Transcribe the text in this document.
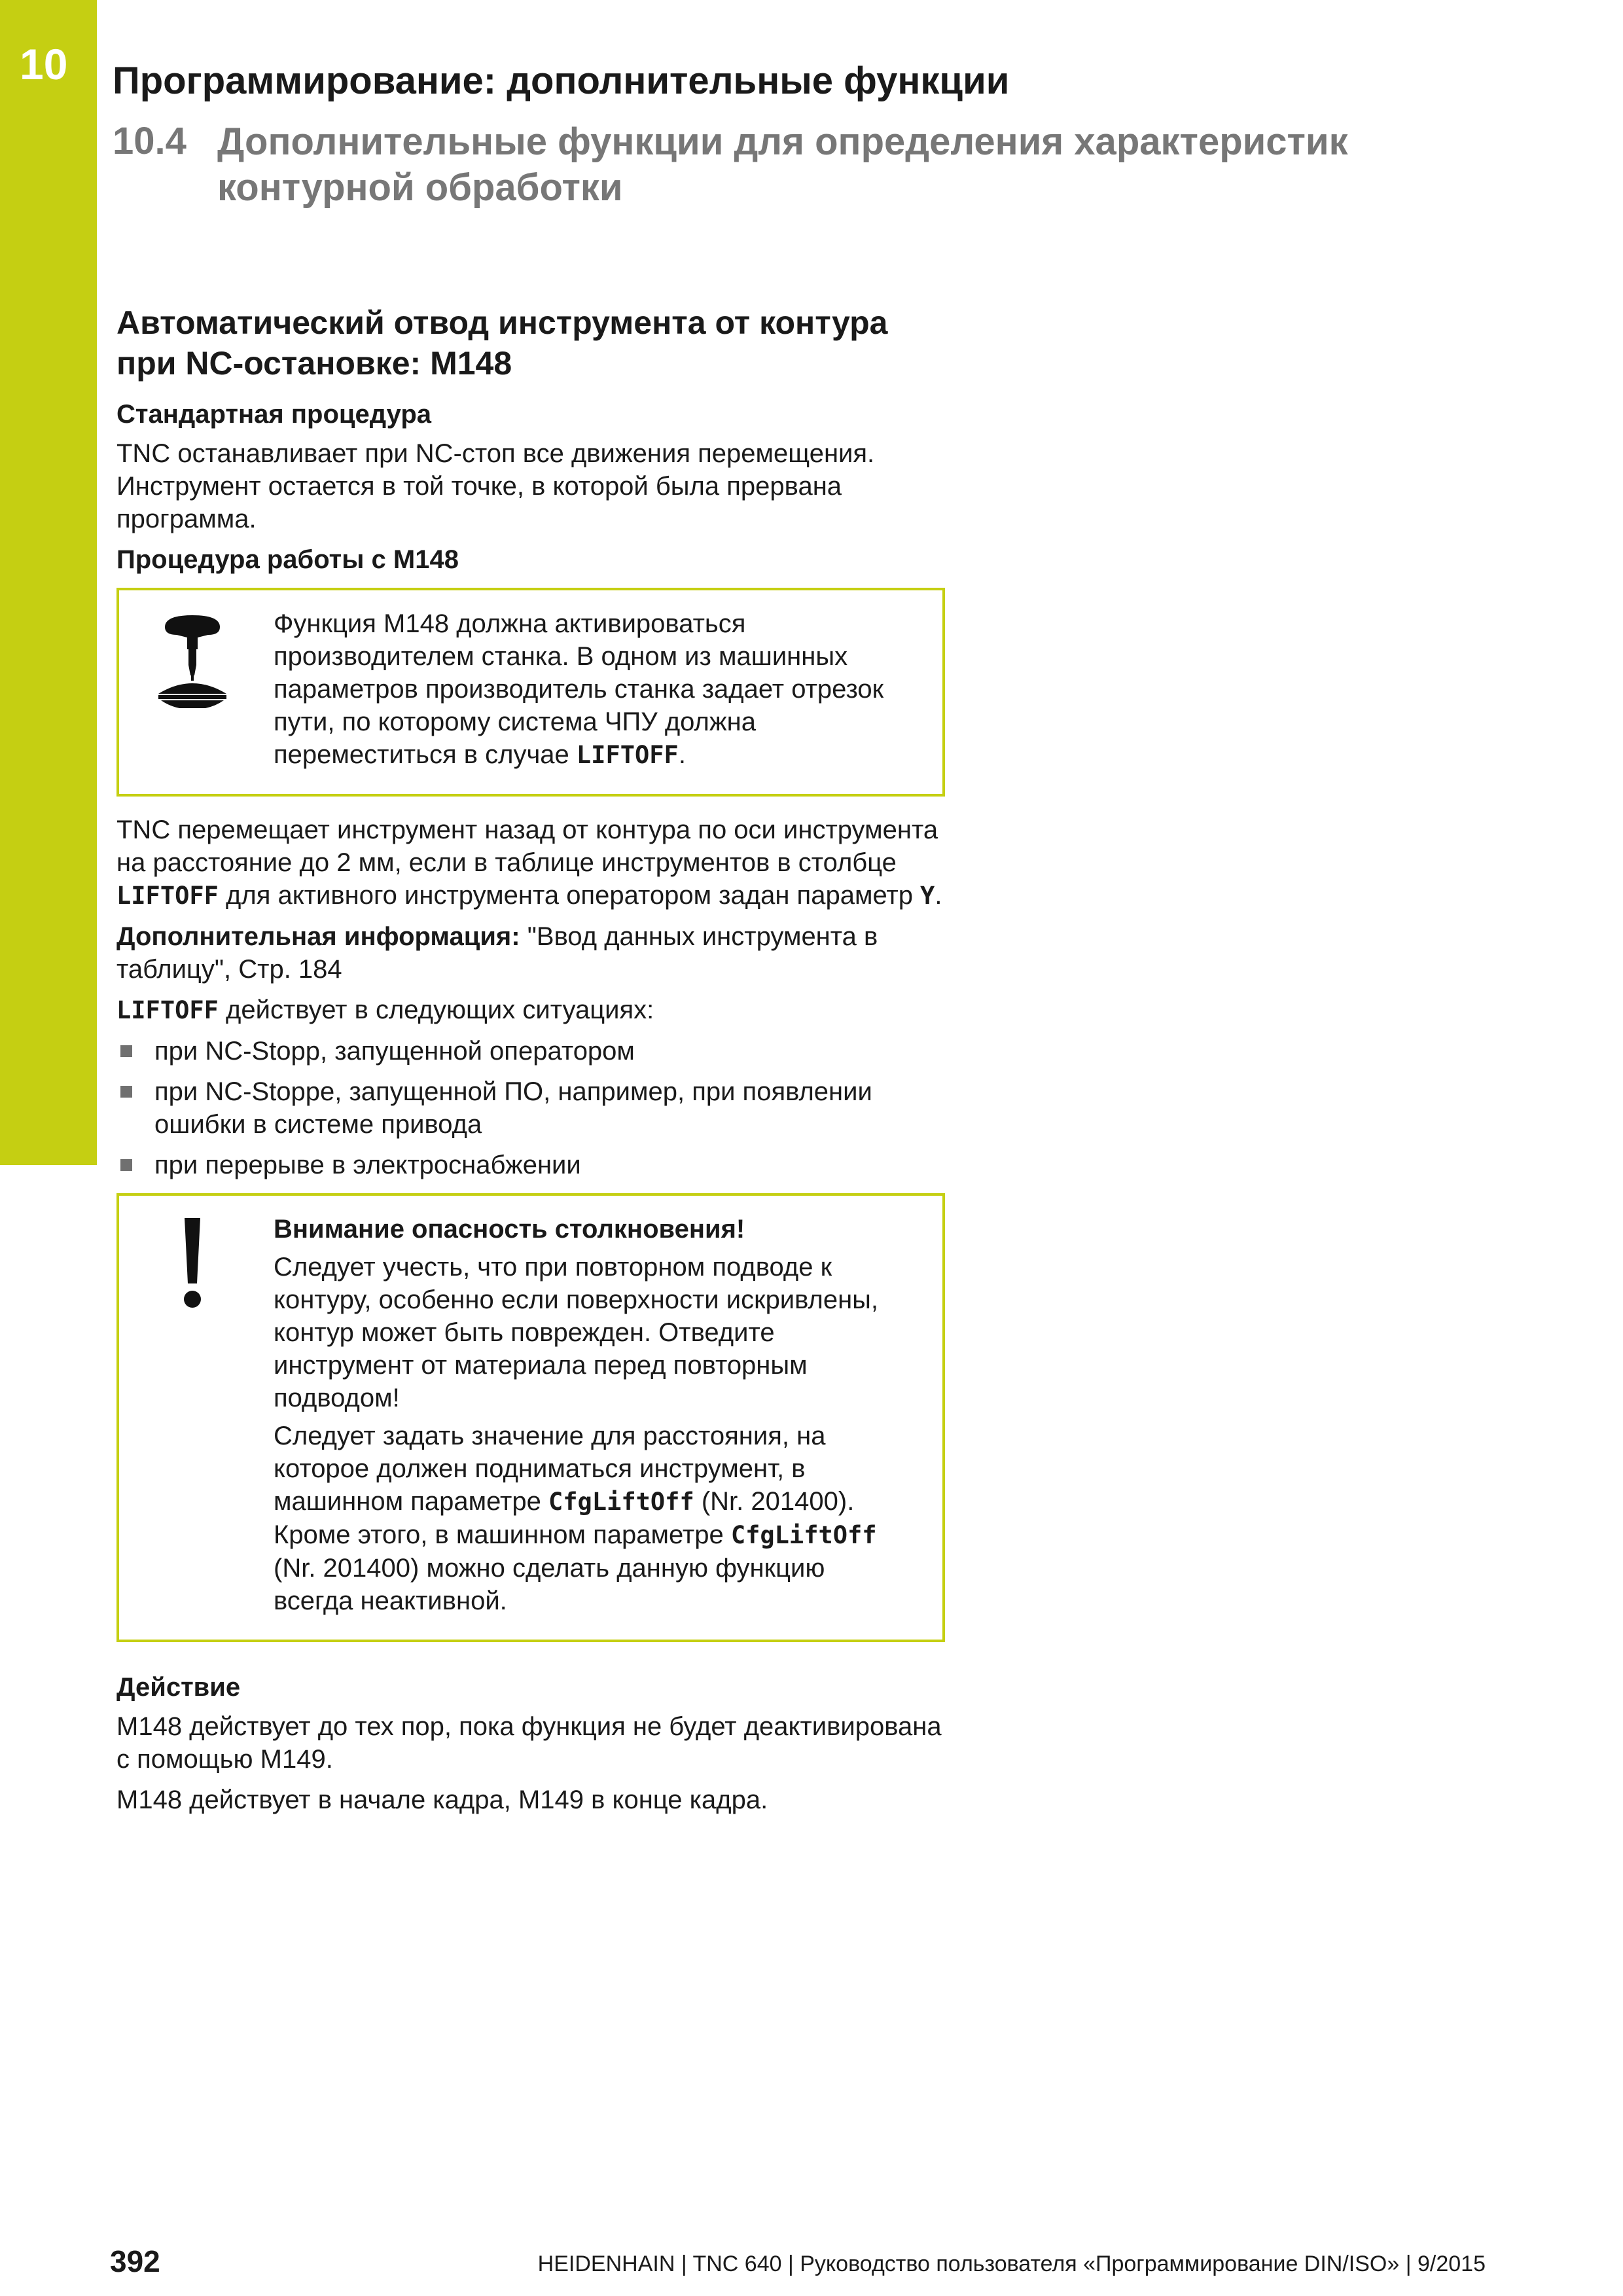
10 Программирование: дополнительные функции
10.4 Дополнительные функции для определения характеристик контурной обработки
Автоматический отвод инструмента от контура при NC-остановке: M148
Стандартная процедура

TNC останавливает при NC-стоп все движения перемещения. Инструмент остается в той точке, в которой была прервана программа.

Процедура работы с M148

Функция M148 должна активироваться производителем станка. В одном из машинных параметров производитель станка задает отрезок пути, по которому система ЧПУ должна переместиться в случае LIFTOFF.

TNC перемещает инструмент назад от контура по оси инструмента на расстояние до 2 мм, если в таблице инструментов в столбце LIFTOFF для активного инструмента оператором задан параметр Y.

Дополнительная информация: "Ввод данных инструмента в таблицу", Стр. 184

LIFTOFF действует в следующих ситуациях:

при NC-Stopp, запущенной оператором
при NC-Stoppe, запущенной ПО, например, при появлении ошибки в системе привода
при перерыве в электроснабжении

Внимание опасность столкновения!

Следует учесть, что при повторном подводе к контуру, особенно если поверхности искривлены, контур может быть поврежден. Отведите инструмент от материала перед повторным подводом!

Следует задать значение для расстояния, на которое должен подниматься инструмент, в машинном параметре CfgLiftOff (Nr. 201400). Кроме этого, в машинном параметре CfgLiftOff (Nr. 201400) можно сделать данную функцию всегда неактивной.

Действие

M148 действует до тех пор, пока функция не будет деактивирована с помощью M149.

M148 действует в начале кадра, M149 в конце кадра.

392	HEIDENHAIN | TNC 640 | Руководство пользователя «Программирование DIN/ISO» | 9/2015
